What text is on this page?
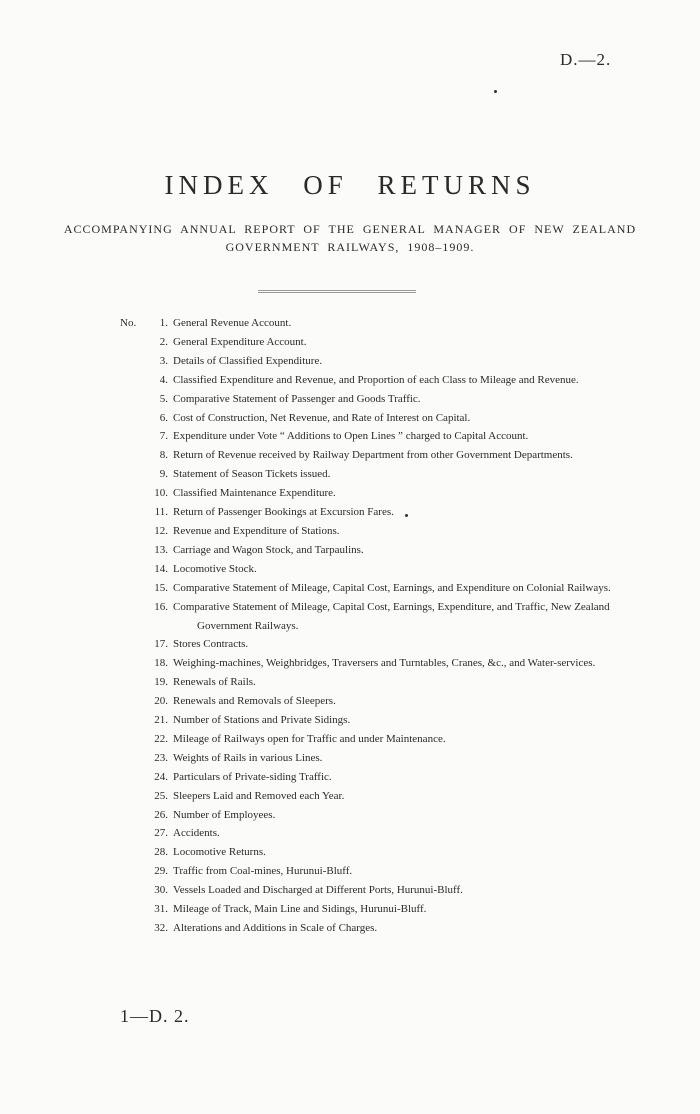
D.—2.
INDEX OF RETURNS
ACCOMPANYING ANNUAL REPORT OF THE GENERAL MANAGER OF NEW ZEALAND
GOVERNMENT RAILWAYS, 1908–1909.
No.	1. General Revenue Account.
2. General Expenditure Account.
3. Details of Classified Expenditure.
4. Classified Expenditure and Revenue, and Proportion of each Class to Mileage and Revenue.
5. Comparative Statement of Passenger and Goods Traffic.
6. Cost of Construction, Net Revenue, and Rate of Interest on Capital.
7. Expenditure under Vote “ Additions to Open Lines ” charged to Capital Account.
8. Return of Revenue received by Railway Department from other Government Departments.
9. Statement of Season Tickets issued.
10. Classified Maintenance Expenditure.
11. Return of Passenger Bookings at Excursion Fares.
12. Revenue and Expenditure of Stations.
13. Carriage and Wagon Stock, and Tarpaulins.
14. Locomotive Stock.
15. Comparative Statement of Mileage, Capital Cost, Earnings, and Expenditure on Colonial Railways.
16. Comparative Statement of Mileage, Capital Cost, Earnings, Expenditure, and Traffic, New Zealand
Government Railways.
17. Stores Contracts.
18. Weighing-machines, Weighbridges, Traversers and Turntables, Cranes, &c., and Water-services.
19. Renewals of Rails.
20. Renewals and Removals of Sleepers.
21. Number of Stations and Private Sidings.
22. Mileage of Railways open for Traffic and under Maintenance.
23. Weights of Rails in various Lines.
24. Particulars of Private-siding Traffic.
25. Sleepers Laid and Removed each Year.
26. Number of Employees.
27. Accidents.
28. Locomotive Returns.
29. Traffic from Coal-mines, Hurunui-Bluff.
30. Vessels Loaded and Discharged at Different Ports, Hurunui-Bluff.
31. Mileage of Track, Main Line and Sidings, Hurunui-Bluff.
32. Alterations and Additions in Scale of Charges.
1—D. 2.
